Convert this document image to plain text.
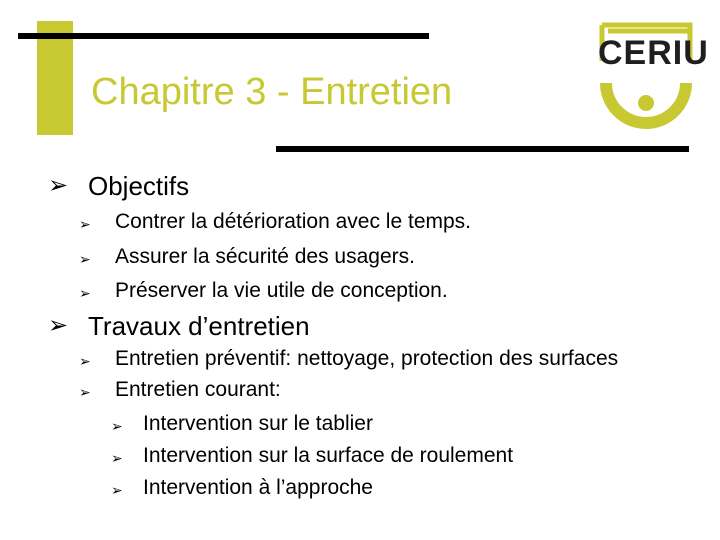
Chapitre 3 - Entretien
CERIU
➢ Objectifs
➢ Contrer la détérioration avec le temps.
➢ Assurer la sécurité des usagers.
➢ Préserver la vie utile de conception.
➢ Travaux d’entretien
➢ Entretien préventif: nettoyage, protection des surfaces
➢ Entretien courant:
➢ Intervention sur le tablier
➢ Intervention sur la surface de roulement
➢ Intervention à l’approche
